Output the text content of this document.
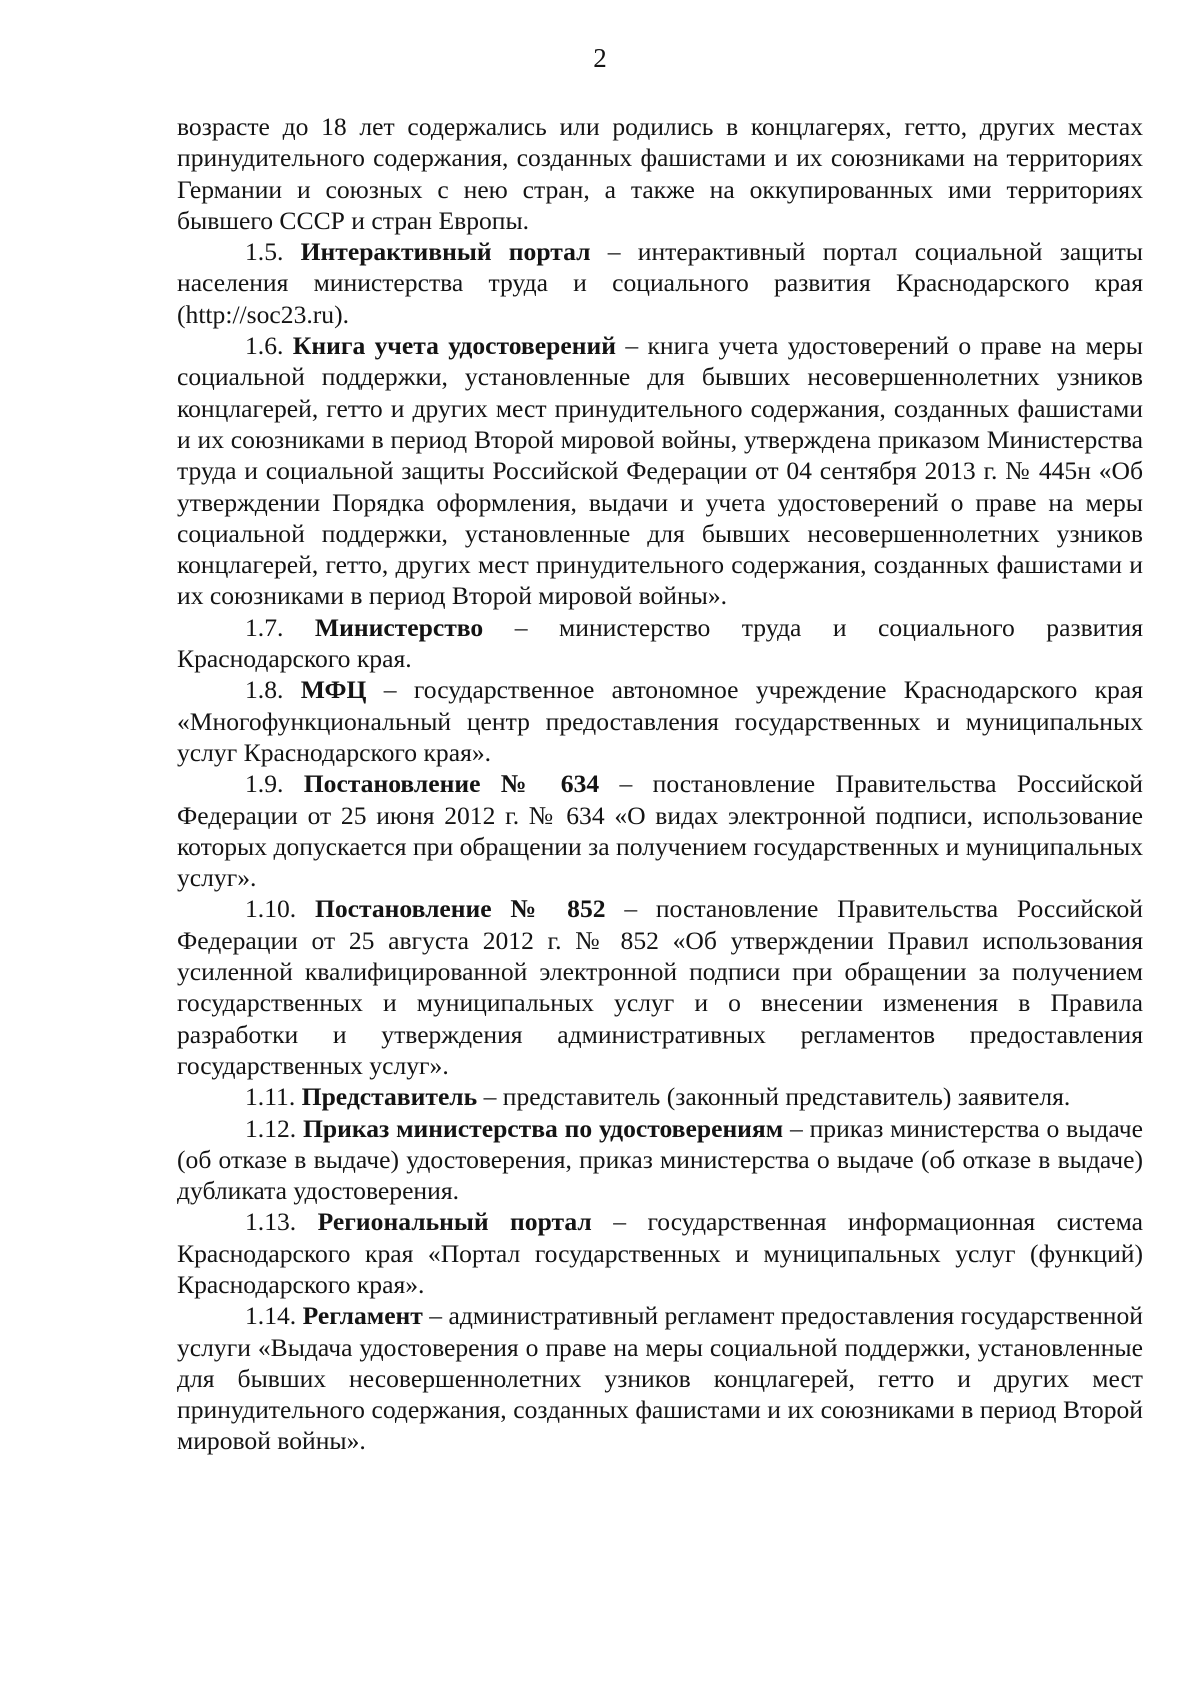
2

возрасте до 18 лет содержались или родились в концлагерях, гетто, других местах принудительного содержания, созданных фашистами и их союзниками на территориях Германии и союзных с нею стран, а также на оккупированных ими территориях бывшего СССР и стран Европы.

1.5. Интерактивный портал – интерактивный портал социальной защиты населения министерства труда и социального развития Краснодарского края (http://soc23.ru).

1.6. Книга учета удостоверений – книга учета удостоверений о праве на меры социальной поддержки, установленные для бывших несовершеннолетних узников концлагерей, гетто и других мест принудительного содержания, созданных фашистами и их союзниками в период Второй мировой войны, утверждена приказом Министерства труда и социальной защиты Российской Федерации от 04 сентября 2013 г. № 445н «Об утверждении Порядка оформления, выдачи и учета удостоверений о праве на меры социальной поддержки, установленные для бывших несовершеннолетних узников концлагерей, гетто, других мест принудительного содержания, созданных фашистами и их союзниками в период Второй мировой войны».

1.7. Министерство – министерство труда и социального развития Краснодарского края.

1.8. МФЦ – государственное автономное учреждение Краснодарского края «Многофункциональный центр предоставления государственных и муниципальных услуг Краснодарского края».

1.9. Постановление № 634 – постановление Правительства Российской Федерации от 25 июня 2012 г. № 634 «О видах электронной подписи, использование которых допускается при обращении за получением государственных и муниципальных услуг».

1.10. Постановление № 852 – постановление Правительства Российской Федерации от 25 августа 2012 г. № 852 «Об утверждении Правил использования усиленной квалифицированной электронной подписи при обращении за получением государственных и муниципальных услуг и о внесении изменения в Правила разработки и утверждения административных регламентов предоставления государственных услуг».

1.11. Представитель – представитель (законный представитель) заявителя.

1.12. Приказ министерства по удостоверениям – приказ министерства о выдаче (об отказе в выдаче) удостоверения, приказ министерства о выдаче (об отказе в выдаче) дубликата удостоверения.

1.13. Региональный портал – государственная информационная система Краснодарского края «Портал государственных и муниципальных услуг (функций) Краснодарского края».

1.14. Регламент – административный регламент предоставления государственной услуги «Выдача удостоверения о праве на меры социальной поддержки, установленные для бывших несовершеннолетних узников концлагерей, гетто и других мест принудительного содержания, созданных фашистами и их союзниками в период Второй мировой войны».
